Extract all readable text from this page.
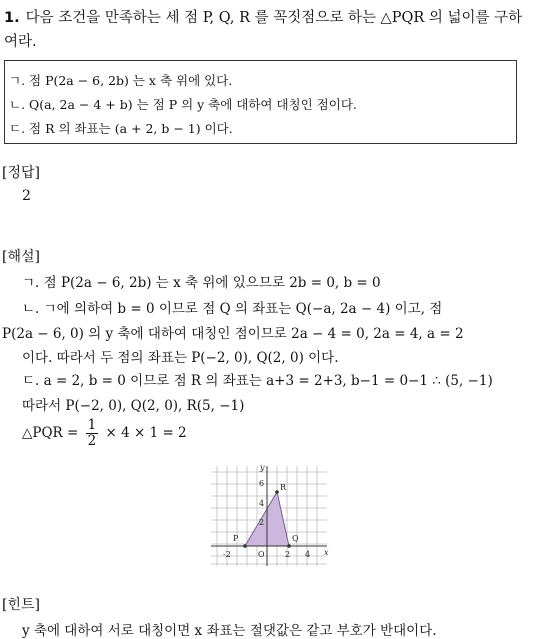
1. 다음 조건을 만족하는 세 점 P, Q, R 를 꼭짓점으로 하는 △PQR 의 넓이를 구하여라.
ㄱ. 점 P(2a − 6, 2b) 는 x 축 위에 있다.
ㄴ. Q(a, 2a − 4 + b) 는 점 P 의 y 축에 대하여 대칭인 점이다.
ㄷ. 점 R 의 좌표는 (a + 2, b − 1) 이다.
[정답]
2
[해설]
ㄱ. 점 P(2a − 6, 2b) 는 x 축 위에 있으므로 2b = 0, b = 0
ㄴ. ㄱ에 의하여 b = 0 이므로 점 Q 의 좌표는 Q(−a, 2a − 4) 이고, 점
P(2a − 6, 0) 의 y 축에 대하여 대칭인 점이므로 2a − 4 = 0, 2a = 4, a = 2
이다. 따라서 두 점의 좌표는 P(−2, 0), Q(2, 0) 이다.
ㄷ. a = 2, b = 0 이므로 점 R 의 좌표는 a+3 = 2+3, b−1 = 0−1 ∴ (5, −1)
따라서 P(−2, 0), Q(2, 0), R(5, −1)
△PQR = $\frac{1}{2} \times 4 \times 1 = 2$
y
x
O
P	Q
R
6
4
2
-2	2 4
[힌트]
y 축에 대하여 서로 대칭이면 x 좌표는 절댓값은 같고 부호가 반대이다.
